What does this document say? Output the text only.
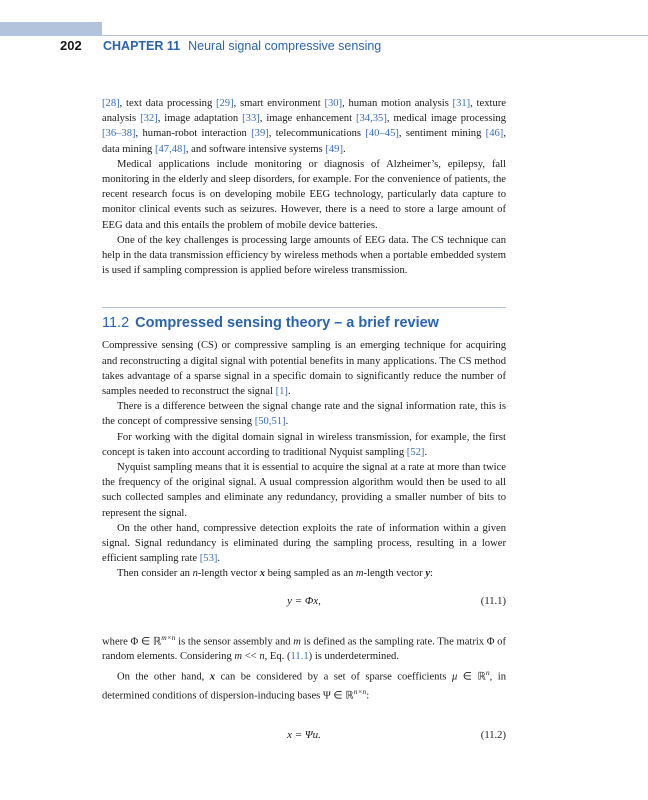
202	CHAPTER 11 Neural signal compressive sensing

[28], text data processing [29], smart environment [30], human motion analysis [31], texture analysis [32], image adaptation [33], image enhancement [34,35], medical image processing [36–38], human-robot interaction [39], telecommunications [40–45], sentiment mining [46], data mining [47,48], and software intensive systems [49].

Medical applications include monitoring or diagnosis of Alzheimer’s, epilepsy, fall monitoring in the elderly and sleep disorders, for example. For the convenience of patients, the recent research focus is on developing mobile EEG technology, particularly data capture to monitor clinical events such as seizures. However, there is a need to store a large amount of EEG data and this entails the problem of mobile device batteries.

One of the key challenges is processing large amounts of EEG data. The CS technique can help in the data transmission efficiency by wireless methods when a portable embedded system is used if sampling compression is applied before wireless transmission.

11.2 Compressed sensing theory – a brief review

Compressive sensing (CS) or compressive sampling is an emerging technique for acquiring and reconstructing a digital signal with potential benefits in many applications. The CS method takes advantage of a sparse signal in a specific domain to significantly reduce the number of samples needed to reconstruct the signal [1].

There is a difference between the signal change rate and the signal information rate, this is the concept of compressive sensing [50,51].

For working with the digital domain signal in wireless transmission, for example, the first concept is taken into account according to traditional Nyquist sampling [52].

Nyquist sampling means that it is essential to acquire the signal at a rate at more than twice the frequency of the original signal. A usual compression algorithm would then be used to all such collected samples and eliminate any redundancy, providing a smaller number of bits to represent the signal.

On the other hand, compressive detection exploits the rate of information within a given signal. Signal redundancy is eliminated during the sampling process, resulting in a lower efficient sampling rate [53].

Then consider an n-length vector x being sampled as an m-length vector y:

y = Φx,	(11.1)

where Φ ∈ ℝ$^{m\times n}$ is the sensor assembly and m is defined as the sampling rate. The matrix Φ of random elements. Considering m << n, Eq. (11.1) is underdetermined.

On the other hand, x can be considered by a set of sparse coefficients μ ∈ ℝ$^n$, in determined conditions of dispersion-inducing bases Ψ ∈ ℝ$^{n\times n}$:

x = Ψu.	(11.2)
